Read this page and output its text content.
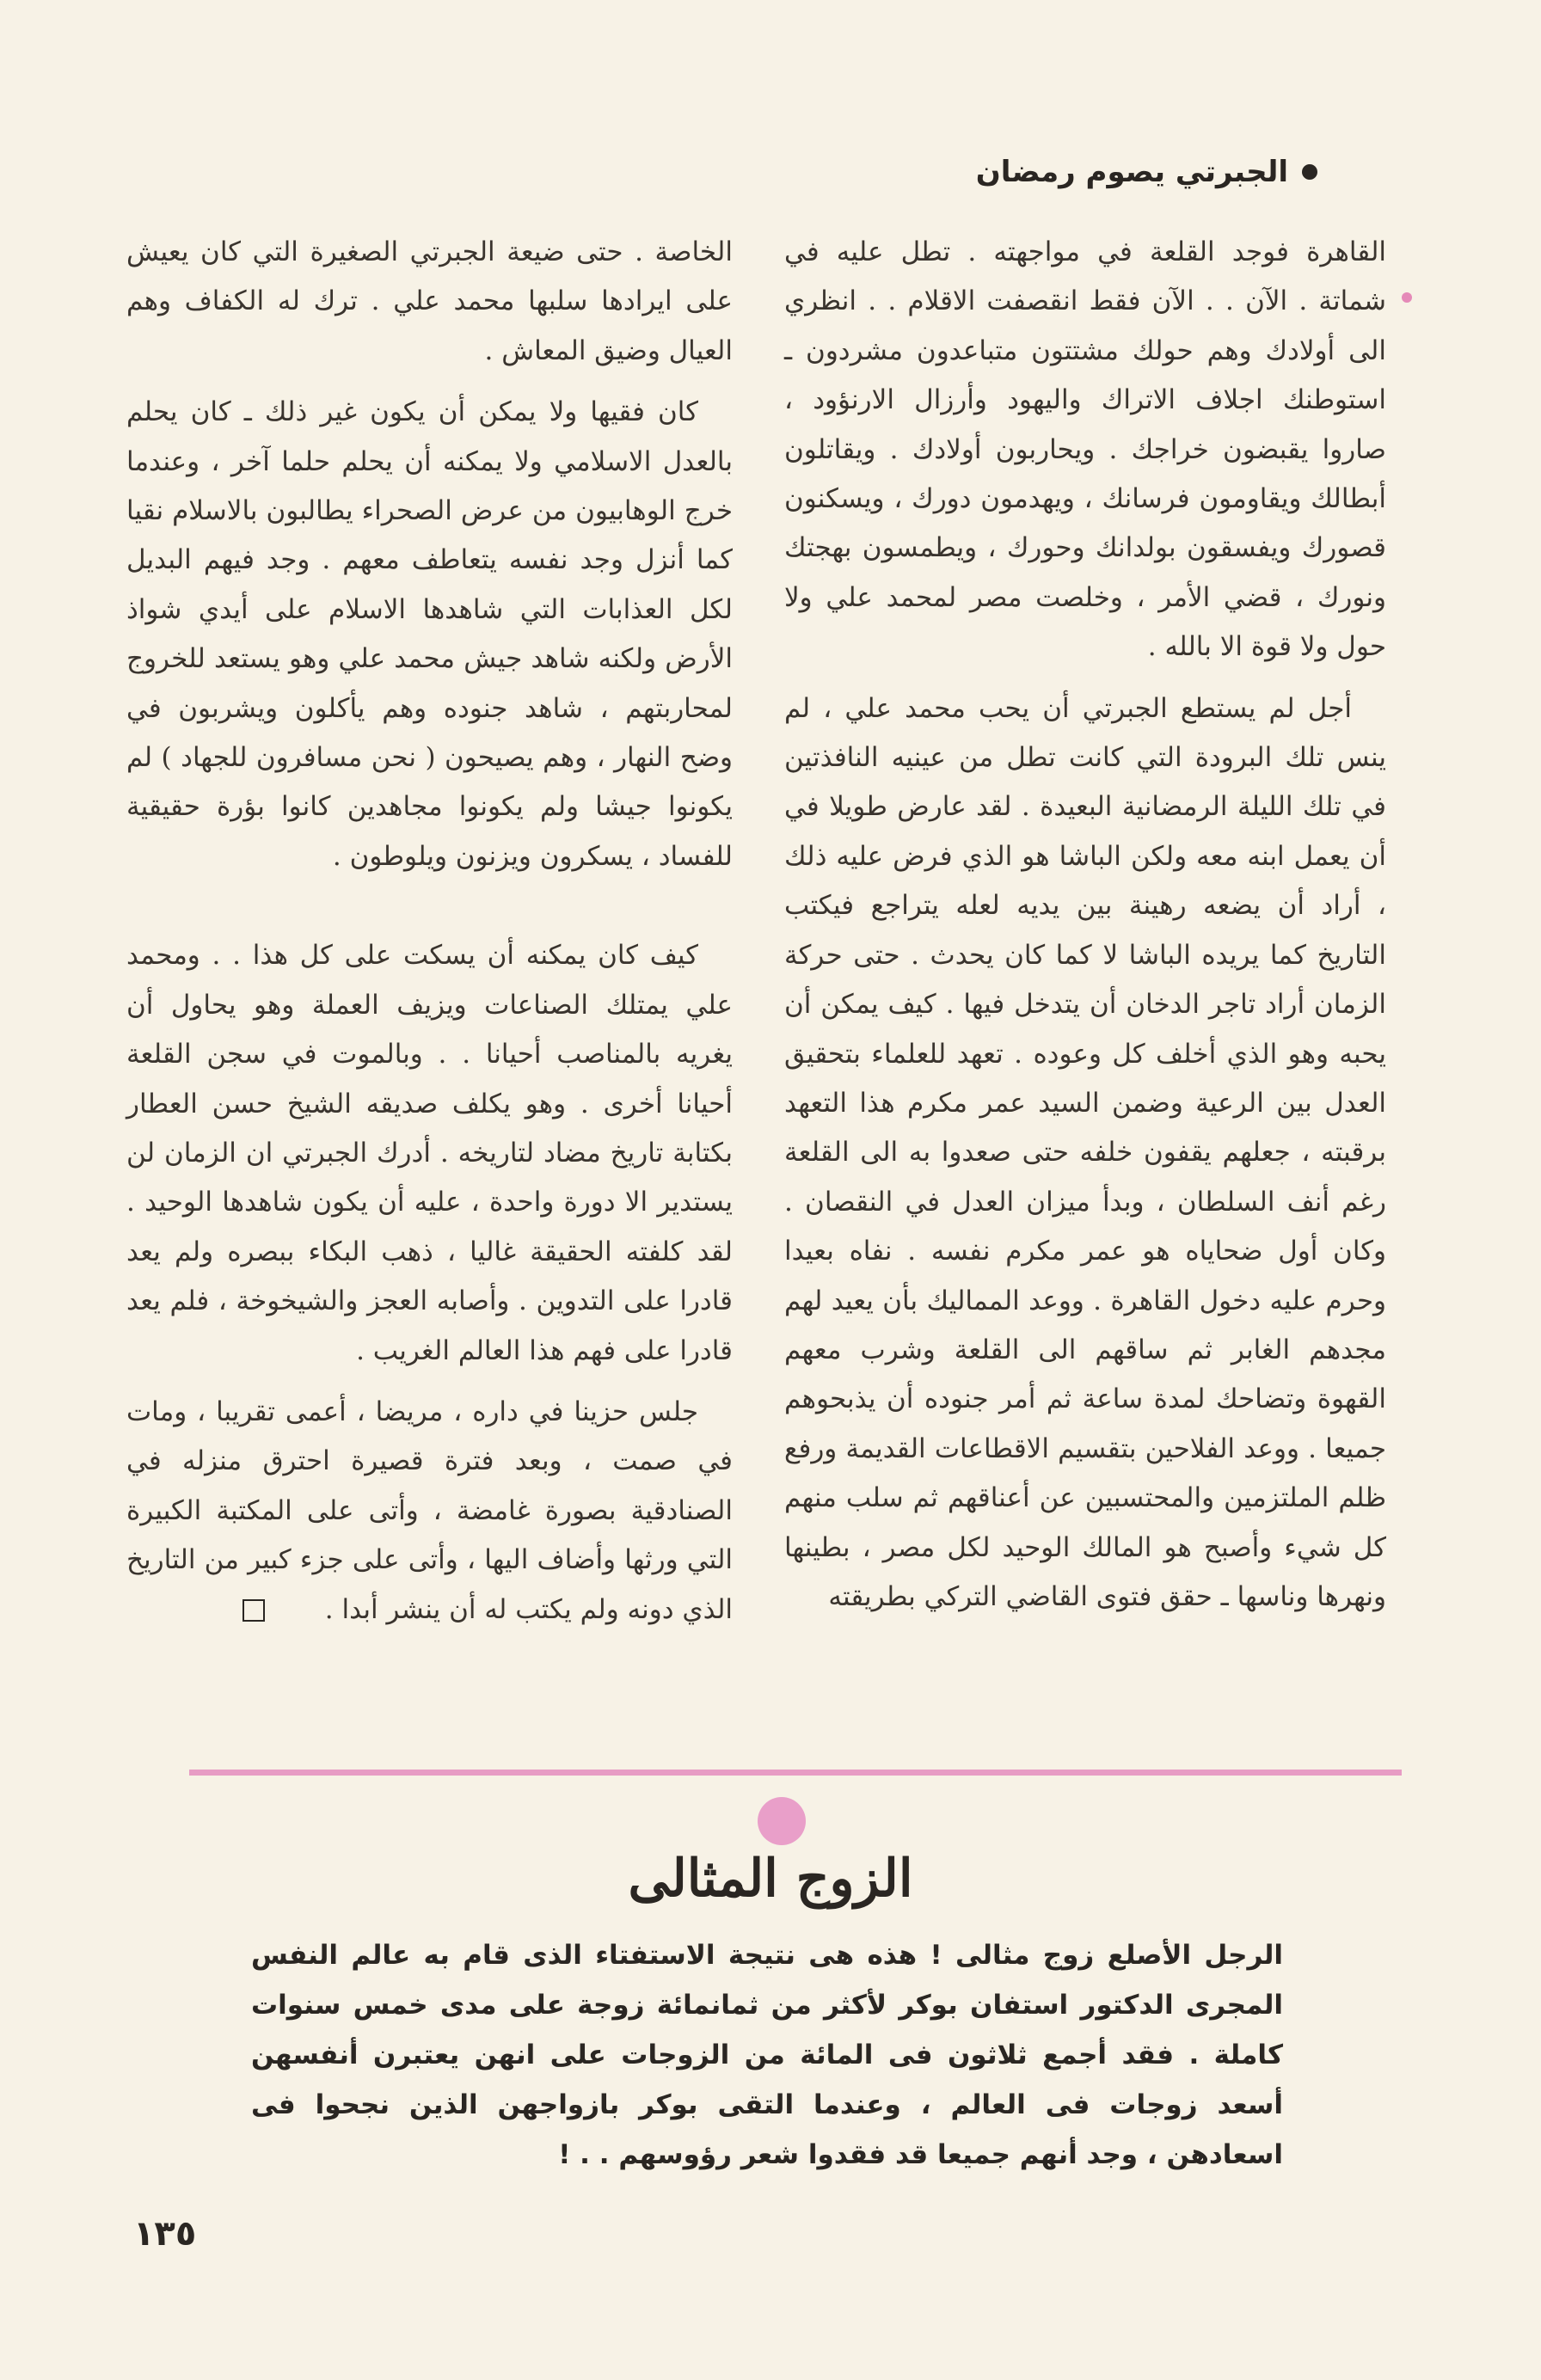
الجبرتي يصوم رمضان

القاهرة فوجد القلعة في مواجهته . تطل عليه في شماتة . الآن . . الآن فقط انقصفت الاقلام . . انظري الى أولادك وهم حولك مشتتون متباعدون مشردون ـ استوطنك اجلاف الاتراك واليهود وأرزال الارنؤود ، صاروا يقبضون خراجك . ويحاربون أولادك . ويقاتلون أبطالك ويقاومون فرسانك ، ويهدمون دورك ، ويسكنون قصورك ويفسقون بولدانك وحورك ، ويطمسون بهجتك ونورك ، قضي الأمر ، وخلصت مصر لمحمد علي ولا حول ولا قوة الا بالله .

أجل لم يستطع الجبرتي أن يحب محمد علي ، لم ينس تلك البرودة التي كانت تطل من عينيه النافذتين في تلك الليلة الرمضانية البعيدة . لقد عارض طويلا في أن يعمل ابنه معه ولكن الباشا هو الذي فرض عليه ذلك ، أراد أن يضعه رهينة بين يديه لعله يتراجع فيكتب التاريخ كما يريده الباشا لا كما كان يحدث . حتى حركة الزمان أراد تاجر الدخان أن يتدخل فيها . كيف يمكن أن يحبه وهو الذي أخلف كل وعوده . تعهد للعلماء بتحقيق العدل بين الرعية وضمن السيد عمر مكرم هذا التعهد برقبته ، جعلهم يقفون خلفه حتى صعدوا به الى القلعة رغم أنف السلطان ، وبدأ ميزان العدل في النقصان . وكان أول ضحاياه هو عمر مكرم نفسه . نفاه بعيدا وحرم عليه دخول القاهرة . ووعد المماليك بأن يعيد لهم مجدهم الغابر ثم ساقهم الى القلعة وشرب معهم القهوة وتضاحك لمدة ساعة ثم أمر جنوده أن يذبحوهم جميعا . ووعد الفلاحين بتقسيم الاقطاعات القديمة ورفع ظلم الملتزمين والمحتسبين عن أعناقهم ثم سلب منهم كل شيء وأصبح هو المالك الوحيد لكل مصر ، بطينها ونهرها وناسها ـ حقق فتوى القاضي التركي بطريقته

الخاصة . حتى ضيعة الجبرتي الصغيرة التي كان يعيش على ايرادها سلبها محمد علي . ترك له الكفاف وهم العيال وضيق المعاش .

كان فقيها ولا يمكن أن يكون غير ذلك ـ كان يحلم بالعدل الاسلامي ولا يمكنه أن يحلم حلما آخر ، وعندما خرج الوهابيون من عرض الصحراء يطالبون بالاسلام نقيا كما أنزل وجد نفسه يتعاطف معهم . وجد فيهم البديل لكل العذابات التي شاهدها الاسلام على أيدي شواذ الأرض ولكنه شاهد جيش محمد علي وهو يستعد للخروج لمحاربتهم ، شاهد جنوده وهم يأكلون ويشربون في وضح النهار ، وهم يصيحون ( نحن مسافرون للجهاد ) لم يكونوا جيشا ولم يكونوا مجاهدين كانوا بؤرة حقيقية للفساد ، يسكرون ويزنون ويلوطون .

كيف كان يمكنه أن يسكت على كل هذا . . ومحمد علي يمتلك الصناعات ويزيف العملة وهو يحاول أن يغريه بالمناصب أحيانا . . وبالموت في سجن القلعة أحيانا أخرى . وهو يكلف صديقه الشيخ حسن العطار بكتابة تاريخ مضاد لتاريخه . أدرك الجبرتي ان الزمان لن يستدير الا دورة واحدة ، عليه أن يكون شاهدها الوحيد . لقد كلفته الحقيقة غاليا ، ذهب البكاء ببصره ولم يعد قادرا على التدوين . وأصابه العجز والشيخوخة ، فلم يعد قادرا على فهم هذا العالم الغريب .

جلس حزينا في داره ، مريضا ، أعمى تقريبا ، ومات في صمت ، وبعد فترة قصيرة احترق منزله في الصنادقية بصورة غامضة ، وأتى على المكتبة الكبيرة التي ورثها وأضاف اليها ، وأتى على جزء كبير من التاريخ الذي دونه ولم يكتب له أن ينشر أبدا .

الزوج المثالى
الرجل الأصلع زوج مثالى ! هذه هى نتيجة الاستفتاء الذى قام به عالم النفس المجرى الدكتور استفان بوكر لأكثر من ثمانمائة زوجة على مدى خمس سنوات كاملة . فقد أجمع ثلاثون فى المائة من الزوجات على انهن يعتبرن أنفسهن أسعد زوجات فى العالم ، وعندما التقى بوكر بازواجهن الذين نجحوا فى اسعادهن ، وجد أنهم جميعا قد فقدوا شعر رؤوسهم . . !
١٣٥
